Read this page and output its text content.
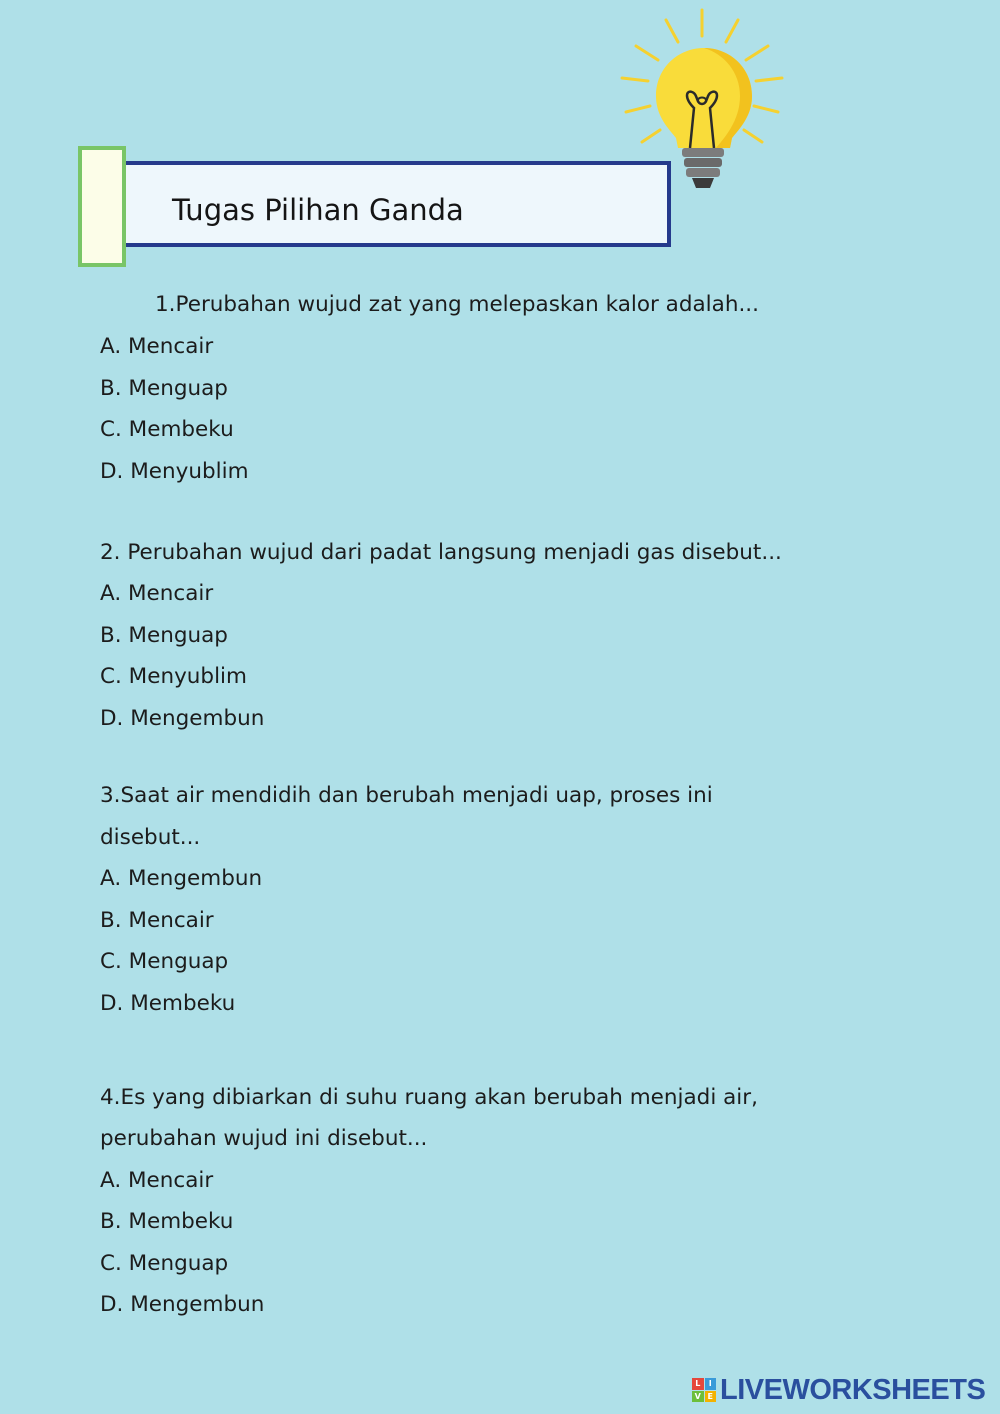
Tugas Pilihan Ganda
1.Perubahan wujud zat yang melepaskan kalor adalah...
A. Mencair
B. Menguap
C. Membeku
D. Menyublim
2. Perubahan wujud dari padat langsung menjadi gas disebut...
A. Mencair
B. Menguap
C. Menyublim
D. Mengembun
3.Saat air mendidih dan berubah menjadi uap, proses ini
disebut...
A. Mengembun
B. Mencair
C. Menguap
D. Membeku
4.Es yang dibiarkan di suhu ruang akan berubah menjadi air,
perubahan wujud ini disebut...
A. Mencair
B. Membeku
C. Menguap
D. Mengembun
L	I
V E LIVEWORKSHEETS
